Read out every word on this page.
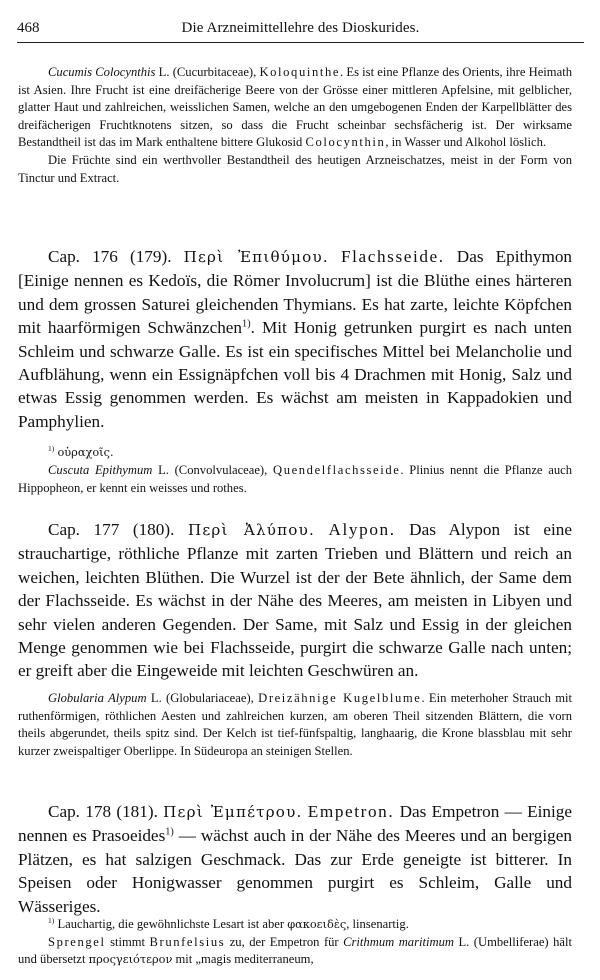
468	Die Arzneimittellehre des Dioskurides.

Cucumis Colocynthis L. (Cucurbitaceae), Koloquinthe. Es ist eine Pflanze des Orients, ihre Heimath ist Asien. Ihre Frucht ist eine dreifächerige Beere von der Grösse einer mittleren Apfelsine, mit gelblicher, glatter Haut und zahlreichen, weisslichen Samen, welche an den umgebogenen Enden der Karpellblätter des dreifächerigen Fruchtknotens sitzen, so dass die Frucht scheinbar sechsfächerig ist. Der wirksame Bestandtheil ist das im Mark enthaltene bittere Glukosid Colocynthin, in Wasser und Alkohol löslich.

Die Früchte sind ein werthvoller Bestandtheil des heutigen Arzneischatzes, meist in der Form von Tinctur und Extract.

Cap. 176 (179). Περὶ Ἐπιθύμου. Flachsseide. Das Epithymon [Einige nennen es Kedoïs, die Römer Involucrum] ist die Blüthe eines härteren und dem grossen Saturei gleichenden Thymians. Es hat zarte, leichte Köpfchen mit haarförmigen Schwänzchen$^{1)}$. Mit Honig getrunken purgirt es nach unten Schleim und schwarze Galle. Es ist ein specifisches Mittel bei Melancholie und Aufblähung, wenn ein Essignäpfchen voll bis 4 Drachmen mit Honig, Salz und etwas Essig genommen werden. Es wächst am meisten in Kappadokien und Pamphylien.

$^{1)}$ οὐραχοῖς.

Cuscuta Epithymum L. (Convolvulaceae), Quendelflachsseide. Plinius nennt die Pflanze auch Hippopheon, er kennt ein weisses und rothes.

Cap. 177 (180). Περὶ Ἀλύπου. Alypon. Das Alypon ist eine strauchartige, röthliche Pflanze mit zarten Trieben und Blättern und reich an weichen, leichten Blüthen. Die Wurzel ist der der Bete ähnlich, der Same dem der Flachsseide. Es wächst in der Nähe des Meeres, am meisten in Libyen und sehr vielen anderen Gegenden. Der Same, mit Salz und Essig in der gleichen Menge genommen wie bei Flachsseide, purgirt die schwarze Galle nach unten; er greift aber die Eingeweide mit leichten Geschwüren an.

Globularia Alypum L. (Globulariaceae), Dreizähnige Kugelblume. Ein meterhoher Strauch mit ruthenförmigen, röthlichen Aesten und zahlreichen kurzen, am oberen Theil sitzenden Blättern, die vorn theils abgerundet, theils spitz sind. Der Kelch ist tief-fünfspaltig, langhaarig, die Krone blassblau mit sehr kurzer zweispaltiger Oberlippe. In Südeuropa an steinigen Stellen.

Cap. 178 (181). Περὶ Ἐμπέτρου. Empetron. Das Empetron — Einige nennen es Prasoeides$^{1)}$ — wächst auch in der Nähe des Meeres und an bergigen Plätzen, es hat salzigen Geschmack. Das zur Erde geneigte ist bitterer. In Speisen oder Honigwasser genommen purgirt es Schleim, Galle und Wässeriges.

$^{1)}$ Lauchartig, die gewöhnlichste Lesart ist aber φακοειδὲς, linsenartig.

Sprengel stimmt Brunfelsius zu, der Empetron für Crithmum maritimum L. (Umbelliferae) hält und übersetzt προςγειότερον mit „magis mediterraneum,
